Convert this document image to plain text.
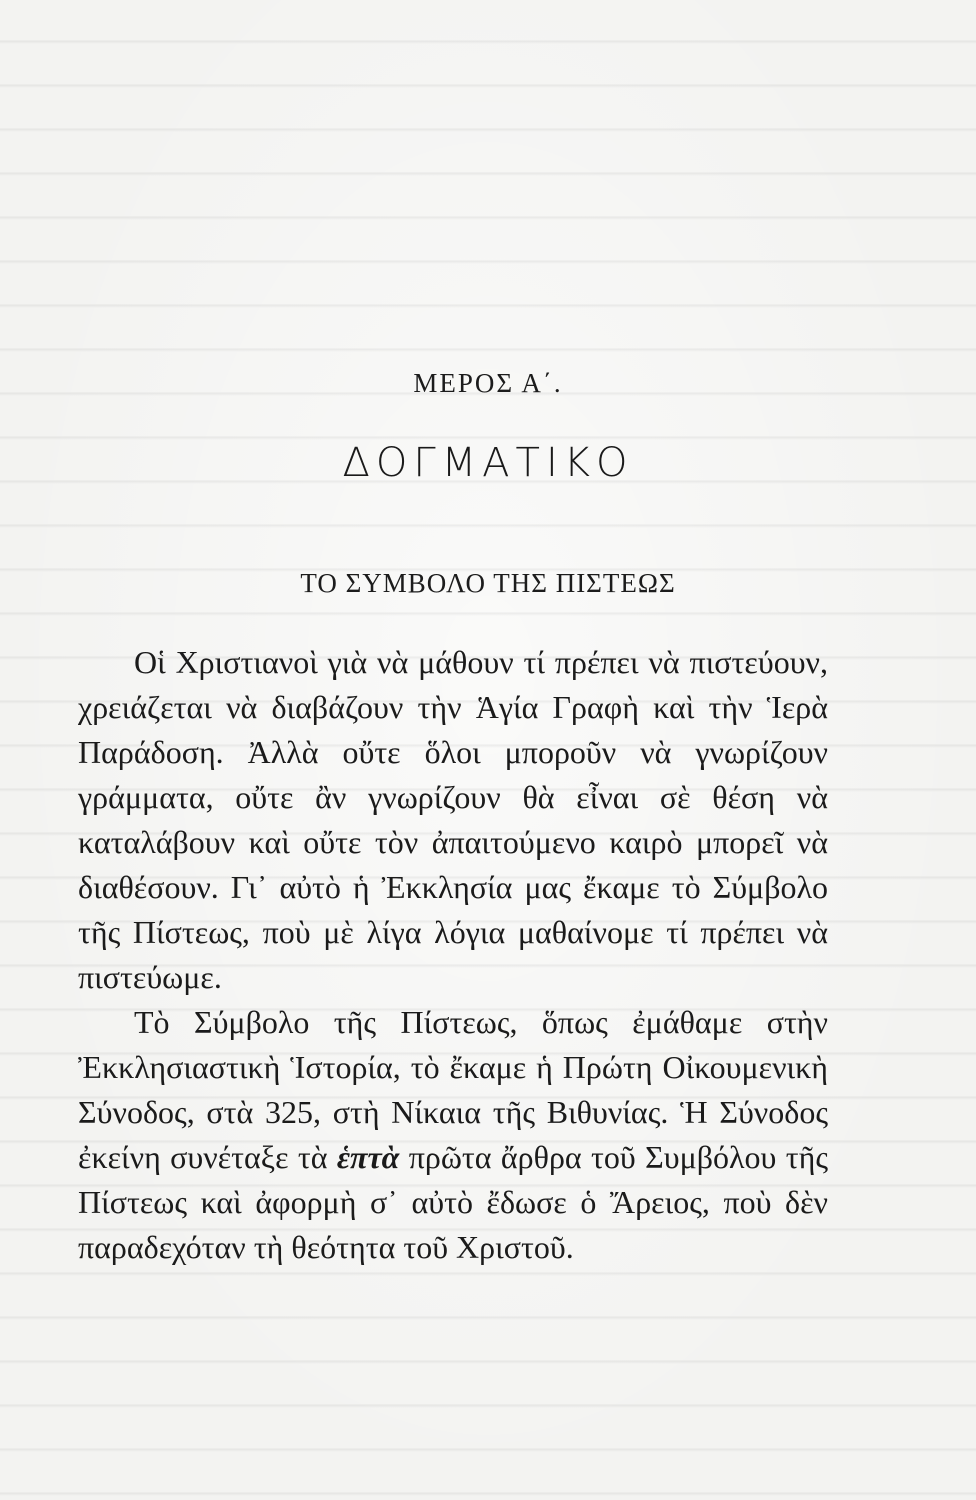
ΜΕΡΟΣ Α΄.
ΔΟΓΜΑΤΙΚΟ
ΤΟ ΣΥΜΒΟΛΟ ΤΗΣ ΠΙΣΤΕΩΣ

Οἱ Χριστιανοὶ γιὰ νὰ μάθουν τί πρέπει νὰ πιστεύουν, χρειάζεται νὰ διαβάζουν τὴν Ἁγία Γραφὴ καὶ τὴν Ἱερὰ Παράδοση. Ἀλλὰ οὔτε ὅλοι μποροῦν νὰ γνωρίζουν γράμματα, οὔτε ἂν γνωρίζουν θὰ εἶναι σὲ θέση νὰ καταλάβουν καὶ οὔτε τὸν ἀπαιτούμενο καιρὸ μπορεῖ νὰ διαθέσουν. Γι᾽ αὐτὸ ἡ Ἐκκλησία μας ἔκαμε τὸ Σύμβολο τῆς Πίστεως, ποὺ μὲ λίγα λόγια μαθαίνομε τί πρέπει νὰ πιστεύωμε.

Τὸ Σύμβολο τῆς Πίστεως, ὅπως ἐμάθαμε στὴν Ἐκκλησιαστικὴ Ἱστορία, τὸ ἔκαμε ἡ Πρώτη Οἰκουμενικὴ Σύνοδος, στὰ 325, στὴ Νίκαια τῆς Βιθυνίας. Ἡ Σύνοδος ἐκείνη συνέταξε τὰ ἑπτὰ πρῶτα ἄρθρα τοῦ Συμβόλου τῆς Πίστεως καὶ ἀφορμὴ σ᾽ αὐτὸ ἔδωσε ὁ Ἄρειος, ποὺ δὲν παραδεχόταν τὴ θεότητα τοῦ Χριστοῦ.
